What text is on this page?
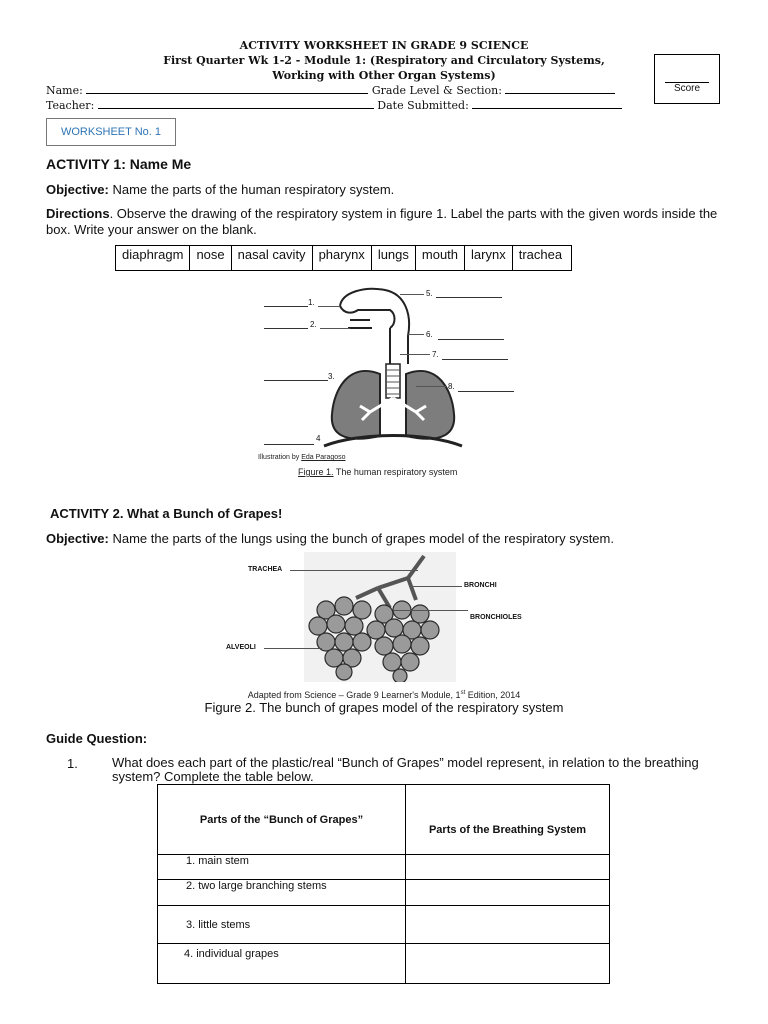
ACTIVITY WORKSHEET IN GRADE 9 SCIENCE
First Quarter Wk 1-2 - Module 1: (Respiratory and Circulatory Systems,
Working with Other Organ Systems)
Score
Name:	Grade Level & Section:
Teacher:	Date Submitted:
WORKSHEET No. 1
ACTIVITY 1: Name Me
Objective: Name the parts of the human respiratory system.
Directions. Observe the drawing of the respiratory system in figure 1. Label the parts with the given words inside the box. Write your answer on the blank.
diaphragm	nose	nasal cavity	pharynx	lungs	mouth	larynx	trachea
1.
2.
3.
4
5.
6.
7.
8.
Illustration by Eda Paragoso
Figure 1. The human respiratory system
ACTIVITY 2. What a Bunch of Grapes!
Objective: Name the parts of the lungs using the bunch of grapes model of the respiratory system.
TRACHEA
BRONCHI
BRONCHIOLES
ALVEOLI
Adapted from Science – Grade 9 Learner's Module, 1st Edition, 2014
Figure 2. The bunch of grapes model of the respiratory system
Guide Question:
1.	What does each part of the plastic/real “Bunch of Grapes” model represent, in relation to the breathing system? Complete the table below.
Parts of the “Bunch of Grapes”	Parts of the Breathing System
1. main stem	
2. two large branching stems	
3. little stems	
4. individual grapes	
